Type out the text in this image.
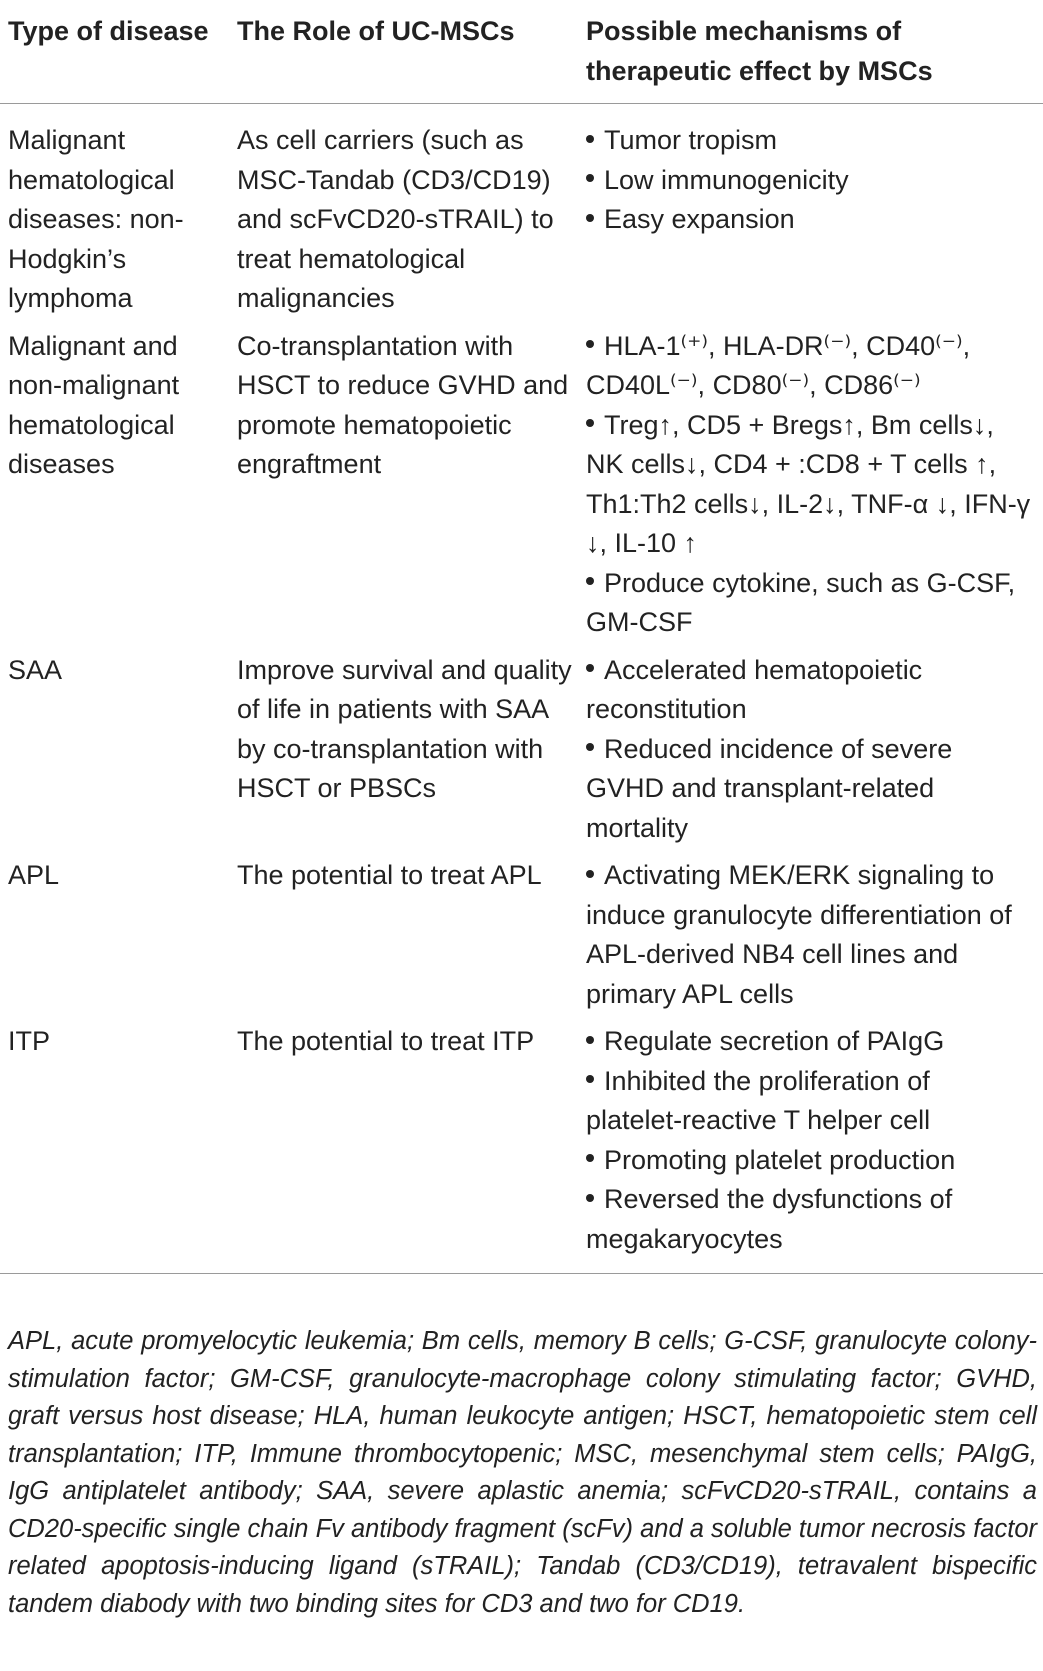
Type of disease	The Role of UC-MSCs	Possible mechanisms of therapeutic effect by MSCs
Malignant hematological diseases: non-Hodgkin’s lymphoma	As cell carriers (such as MSC-Tandab (CD3/CD19) and scFvCD20-sTRAIL) to treat hematological malignancies	Tumor tropism
Low immunogenicity
Easy expansion

Malignant and non-malignant hematological diseases	Co-transplantation with HSCT to reduce GVHD and promote hematopoietic engraftment	HLA-1⁽⁺⁾, HLA-DR⁽⁻⁾, CD40⁽⁻⁾, CD40L⁽⁻⁾, CD80⁽⁻⁾, CD86⁽⁻⁾
Treg↑, CD5 + Bregs↑, Bm cells↓, NK cells↓, CD4 + :CD8 + T cells ↑, Th1:Th2 cells↓, IL-2↓, TNF-α ↓, IFN-γ ↓, IL-10 ↑
Produce cytokine, such as G-CSF, GM-CSF

SAA	Improve survival and quality of life in patients with SAA by co-transplantation with HSCT or PBSCs	Accelerated hematopoietic reconstitution
Reduced incidence of severe GVHD and transplant-related mortality

APL	The potential to treat APL	Activating MEK/ERK signaling to induce granulocyte differentiation of APL-derived NB4 cell lines and primary APL cells

ITP	The potential to treat ITP	Regulate secretion of PAIgG
Inhibited the proliferation of platelet-reactive T helper cell
Promoting platelet production
Reversed the dysfunctions of megakaryocytes
APL, acute promyelocytic leukemia; Bm cells, memory B cells; G-CSF, granulocyte colony-stimulation factor; GM-CSF, granulocyte-macrophage colony stimulating factor; GVHD, graft versus host disease; HLA, human leukocyte antigen; HSCT, hematopoietic stem cell transplantation; ITP, Immune thrombocytopenic; MSC, mesenchymal stem cells; PAIgG, IgG antiplatelet antibody; SAA, severe aplastic anemia; scFvCD20-sTRAIL, contains a CD20-specific single chain Fv antibody fragment (scFv) and a soluble tumor necrosis factor related apoptosis-inducing ligand (sTRAIL); Tandab (CD3/CD19), tetravalent bispecific tandem diabody with two binding sites for CD3 and two for CD19.
